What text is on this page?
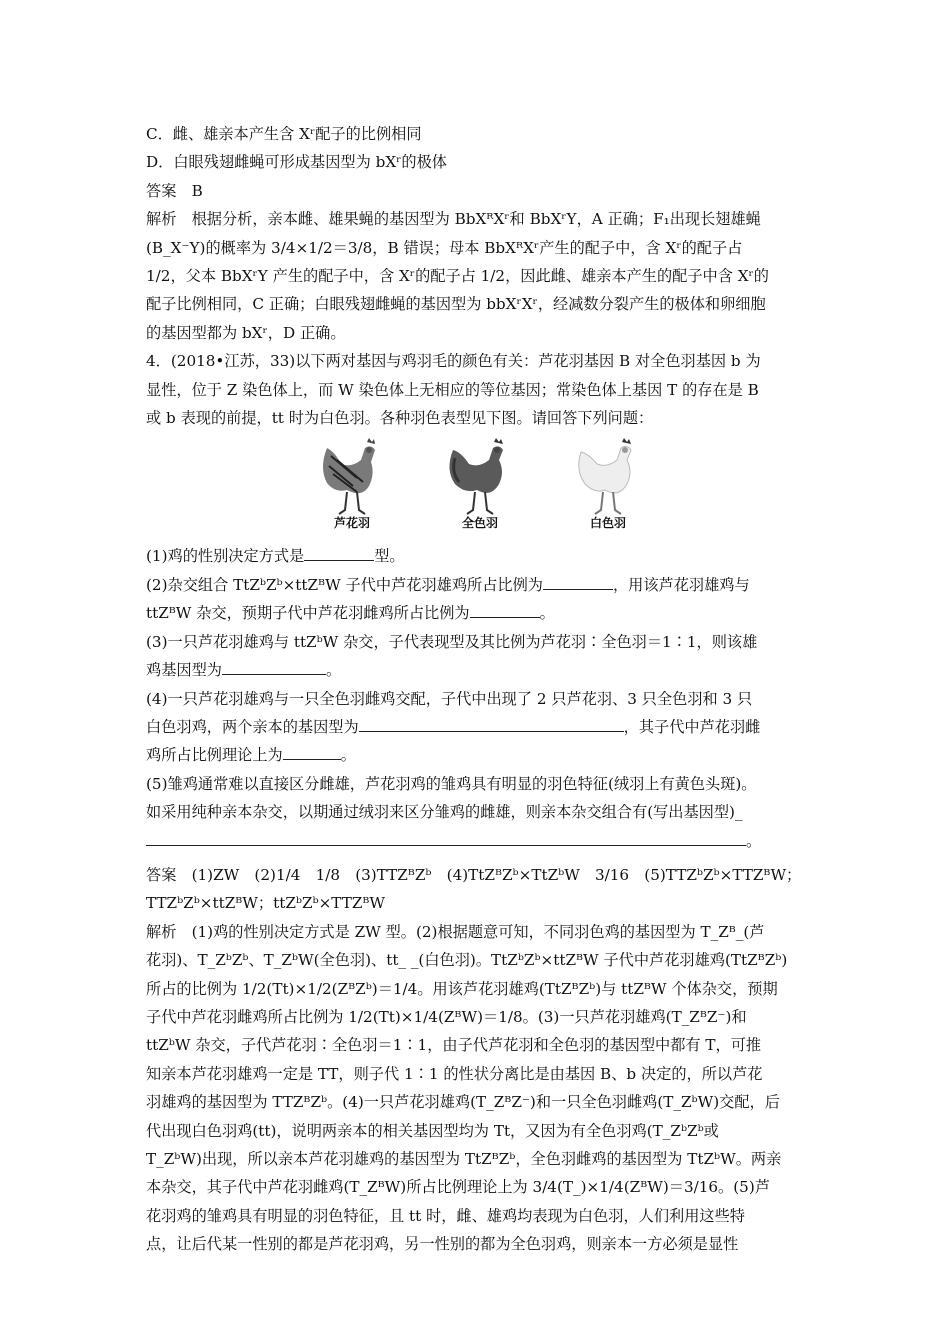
C．雌、雄亲本产生含 Xʳ配子的比例相同

D．白眼残翅雌蝇可形成基因型为 bXʳ的极体

答案　B

解析　根据分析，亲本雌、雄果蝇的基因型为 BbXᴿXʳ和 BbXʳY，A 正确；F₁出现长翅雄蝇

(B_X⁻Y)的概率为 3/4×1/2＝3/8，B 错误；母本 BbXᴿXʳ产生的配子中，含 Xʳ的配子占

1/2，父本 BbXʳY 产生的配子中，含 Xʳ的配子占 1/2，因此雌、雄亲本产生的配子中含 Xʳ的

配子比例相同，C 正确；白眼残翅雌蝇的基因型为 bbXʳXʳ，经减数分裂产生的极体和卵细胞

的基因型都为 bXʳ，D 正确。

4．(2018•江苏，33)以下两对基因与鸡羽毛的颜色有关：芦花羽基因 B 对全色羽基因 b 为

显性，位于 Z 染色体上，而 W 染色体上无相应的等位基因；常染色体上基因 T 的存在是 B

或 b 表现的前提，tt 时为白色羽。各种羽色表型见下图。请回答下列问题：

芦花羽	全色羽	白色羽

(1)鸡的性别决定方式是	型。

(2)杂交组合 TtZᵇZᵇ×ttZᴮW 子代中芦花羽雄鸡所占比例为	，用该芦花羽雄鸡与

ttZᴮW 杂交，预期子代中芦花羽雌鸡所占比例为	。

(3)一只芦花羽雄鸡与 ttZᵇW 杂交，子代表现型及其比例为芦花羽∶全色羽＝1∶1，则该雄

鸡基因型为	。

(4)一只芦花羽雄鸡与一只全色羽雌鸡交配，子代中出现了 2 只芦花羽、3 只全色羽和 3 只

白色羽鸡，两个亲本的基因型为	，其子代中芦花羽雌

鸡所占比例理论上为	。

(5)雏鸡通常难以直接区分雌雄，芦花羽鸡的雏鸡具有明显的羽色特征(绒羽上有黄色头斑)。

如采用纯种亲本杂交，以期通过绒羽来区分雏鸡的雌雄，则亲本杂交组合有(写出基因型)_

。

答案　(1)ZW　(2)1/4　1/8　(3)TTZᴮZᵇ　(4)TtZᴮZᵇ×TtZᵇW　3/16　(5)TTZᵇZᵇ×TTZᴮW；

TTZᵇZᵇ×ttZᴮW；ttZᵇZᵇ×TTZᴮW

解析　(1)鸡的性别决定方式是 ZW 型。(2)根据题意可知，不同羽色鸡的基因型为 T_Zᴮ_(芦

花羽)、T_ZᵇZᵇ、T_ZᵇW(全色羽)、tt_ _(白色羽)。TtZᵇZᵇ×ttZᴮW 子代中芦花羽雄鸡(TtZᴮZᵇ)

所占的比例为 1/2(Tt)×1/2(ZᴮZᵇ)＝1/4。用该芦花羽雄鸡(TtZᴮZᵇ)与 ttZᴮW 个体杂交，预期

子代中芦花羽雌鸡所占比例为 1/2(Tt)×1/4(ZᴮW)＝1/8。(3)一只芦花羽雄鸡(T_ZᴮZ⁻)和

ttZᵇW 杂交，子代芦花羽∶全色羽＝1∶1，由子代芦花羽和全色羽的基因型中都有 T，可推

知亲本芦花羽雄鸡一定是 TT，则子代 1∶1 的性状分离比是由基因 B、b 决定的，所以芦花

羽雄鸡的基因型为 TTZᴮZᵇ。(4)一只芦花羽雄鸡(T_ZᴮZ⁻)和一只全色羽雌鸡(T_ZᵇW)交配，后

代出现白色羽鸡(tt)，说明两亲本的相关基因型均为 Tt，又因为有全色羽鸡(T_ZᵇZᵇ或

T_ZᵇW)出现，所以亲本芦花羽雄鸡的基因型为 TtZᴮZᵇ，全色羽雌鸡的基因型为 TtZᵇW。两亲

本杂交，其子代中芦花羽雌鸡(T_ZᴮW)所占比例理论上为 3/4(T_)×1/4(ZᴮW)＝3/16。(5)芦

花羽鸡的雏鸡具有明显的羽色特征，且 tt 时，雌、雄鸡均表现为白色羽，人们利用这些特

点，让后代某一性别的都是芦花羽鸡，另一性别的都为全色羽鸡，则亲本一方必须是显性
